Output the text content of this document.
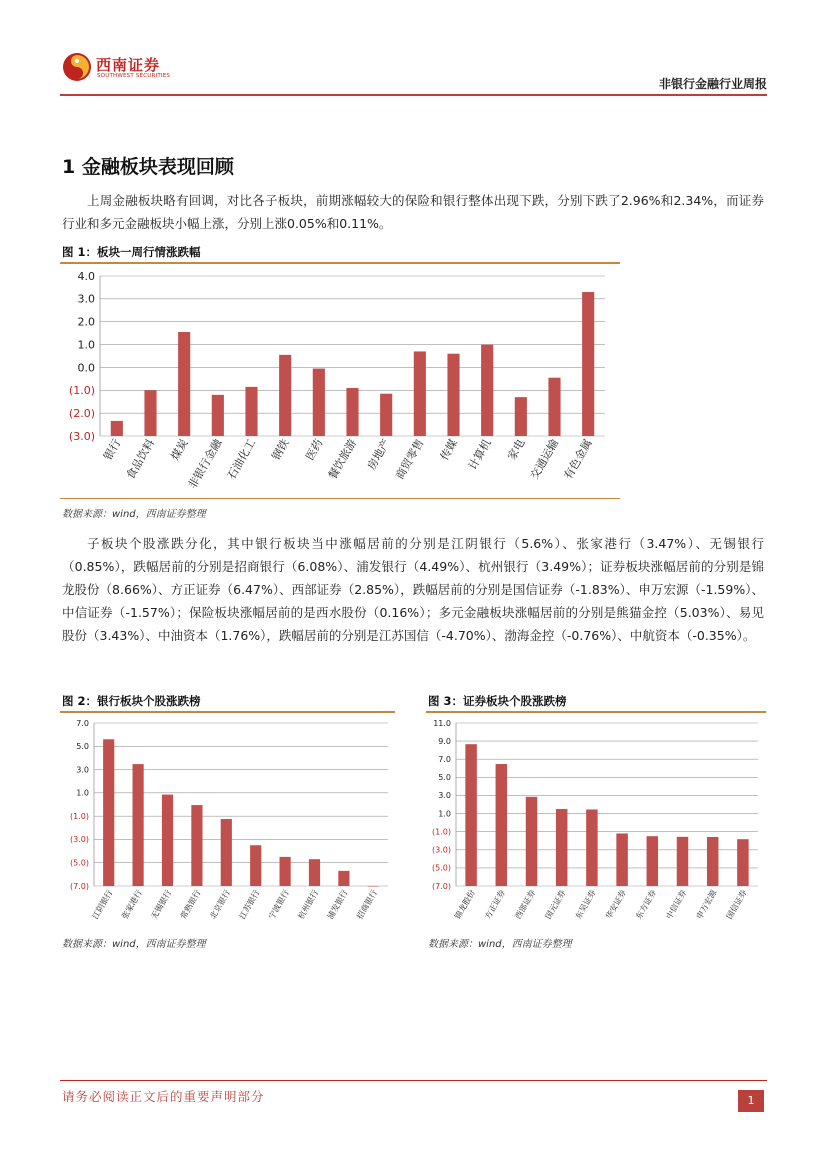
西南证券
SOUTHWEST SECURITIES
非银行金融行业周报
1 金融板块表现回顾

上周金融板块略有回调，对比各子板块，前期涨幅较大的保险和银行整体出现下跌，分别下跌了2.96%和2.34%，而证券行业和多元金融板块小幅上涨，分别上涨0.05%和0.11%。

图 1：板块一周行情涨跌幅
(3.0)
(2.0)
(1.0)
0.0
1.0
2.0
3.0
4.0
银行 食品饮料 煤炭
非银行金融 石油化工 钢铁 医药 餐饮旅游 房地产 商贸零售 传媒 计算机 家电 交通运输 有色金属
数据来源：wind，西南证券整理

子板块个股涨跌分化，其中银行板块当中涨幅居前的分别是江阴银行（5.6%）、张家港行（3.47%）、无锡银行（0.85%），跌幅居前的分别是招商银行（6.08%）、浦发银行（4.49%）、杭州银行（3.49%）；证券板块涨幅居前的分别是锦龙股份（8.66%）、方正证券（6.47%）、西部证券（2.85%），跌幅居前的分别是国信证券（-1.83%）、申万宏源（-1.59%）、中信证券（-1.57%）；保险板块涨幅居前的是西水股份（0.16%）；多元金融板块涨幅居前的分别是熊猫金控（5.03%）、易见股份（3.43%）、中油资本（1.76%），跌幅居前的分别是江苏国信（-4.70%）、渤海金控（-0.76%）、中航资本（-0.35%）。

图 2：银行板块个股涨跌榜
(7.0)
(5.0)
(3.0)
(1.0)
1.0
3.0
5.0
7.0
江阴银行 张家港行 无锡银行 常熟银行 北京银行 江苏银行 宁波银行 杭州银行 浦发银行 招商银行
数据来源：wind，西南证券整理
图 3：证券板块个股涨跌榜
(7.0)
(5.0)
(3.0)
(1.0)
1.0
3.0
5.0
7.0
9.0
11.0
锦龙股份 方正证券 西部证券 国元证券 东吴证券 华安证券 东方证券 中信证券 申万宏源 国信证券
数据来源：wind，西南证券整理
请务必阅读正文后的重要声明部分	1
